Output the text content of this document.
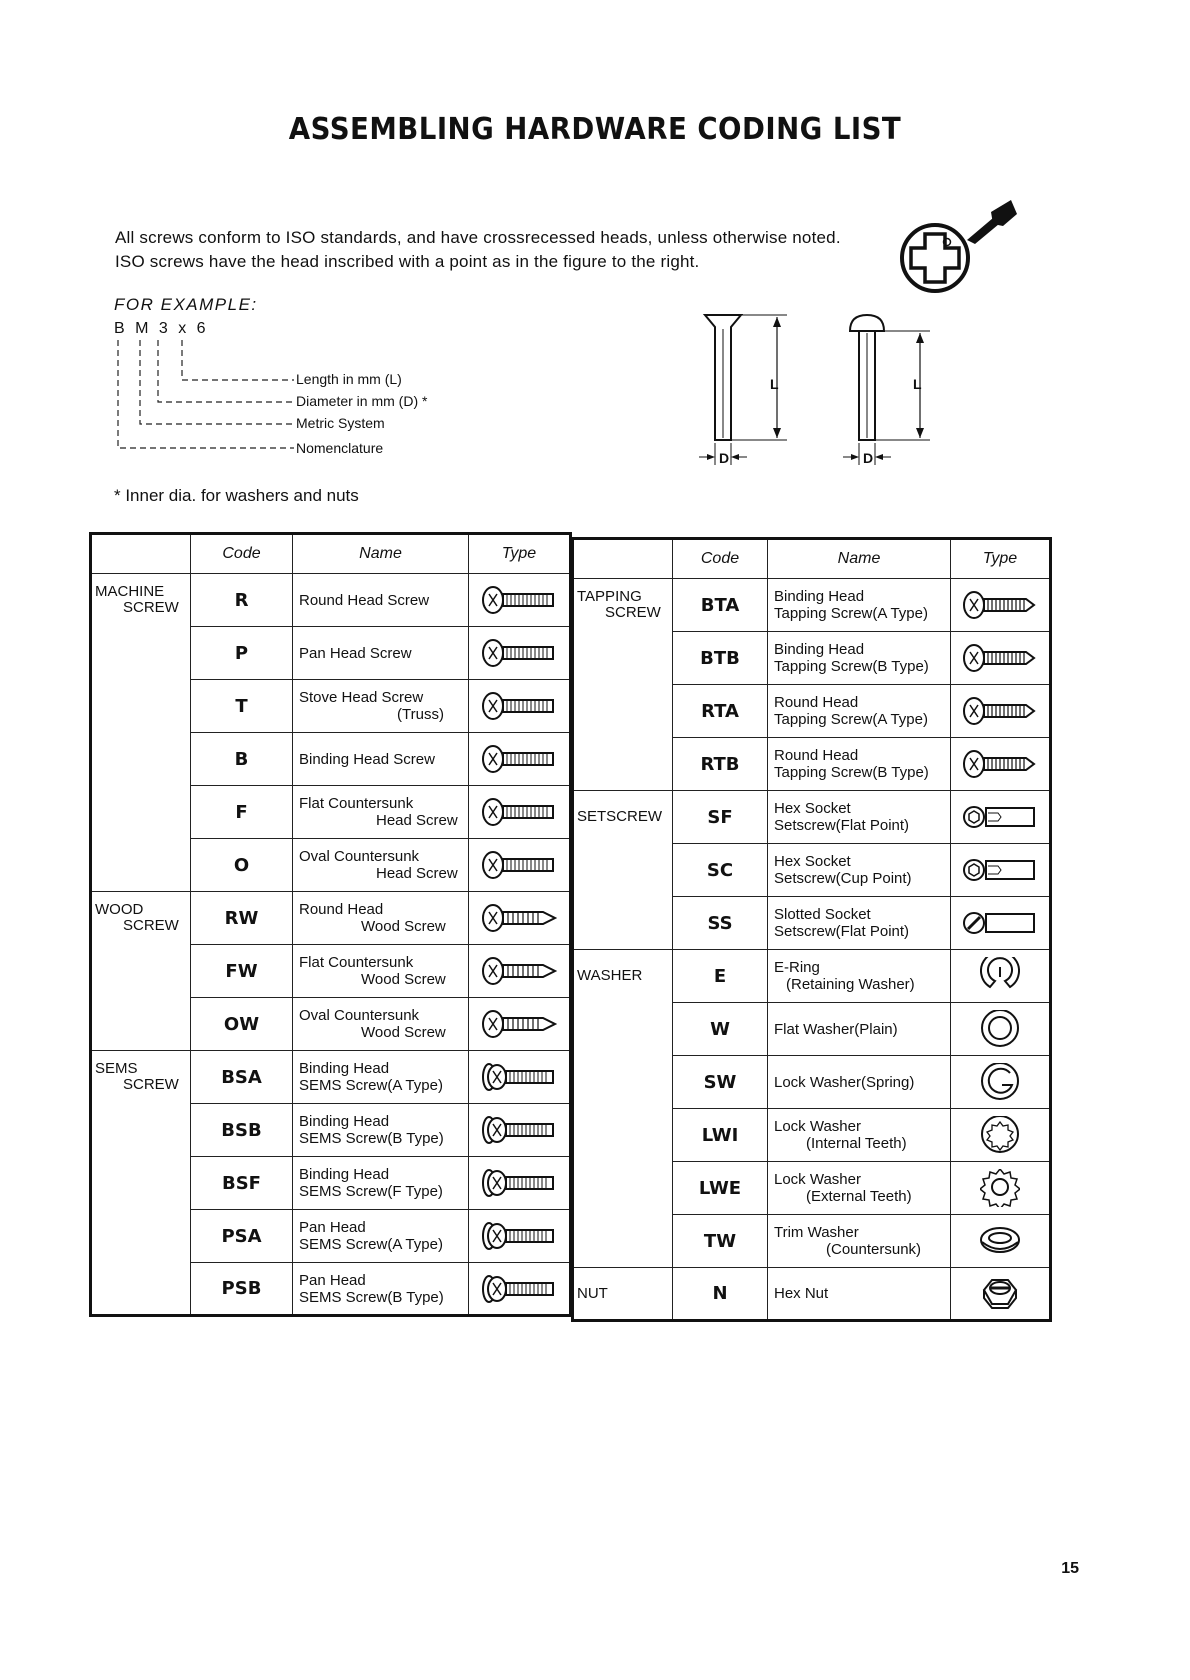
ASSEMBLING HARDWARE CODING LIST
All screws conform to ISO standards, and have crossrecessed heads, unless otherwise noted.
ISO screws have the head inscribed with a point as in the figure to the right.
FOR EXAMPLE:
B M 3 x 6
Length in mm (L)
Diameter in mm (D) *
Metric System
Nomenclature
L	L
D	D
* Inner dia. for washers and nuts
	Code	Name	Type

MACHINE
SCREW	R	Round Head Screw

	P	Pan Head Screw

	T	Stove Head Screw
(Truss)

	B	Binding Head Screw

	F	Flat Countersunk
Head Screw

	O	Oval Countersunk
Head Screw

WOOD
SCREW	RW	Round Head
Wood Screw

	FW	Flat Countersunk
Wood Screw

	OW	Oval Countersunk
Wood Screw

SEMS
SCREW	BSA	Binding Head
SEMS Screw(A Type)

	BSB	Binding Head
SEMS Screw(B Type)

	BSF	Binding Head
SEMS Screw(F Type)

	PSA	Pan Head
SEMS Screw(A Type)

	PSB	Pan Head
SEMS Screw(B Type)

	Code	Name	Type

TAPPING
SCREW	BTA	Binding Head
Tapping Screw(A Type)

	BTB	Binding Head
Tapping Screw(B Type)

	RTA	Round Head
Tapping Screw(A Type)

	RTB	Round Head
Tapping Screw(B Type)

SETSCREW	SF	Hex Socket
Setscrew(Flat Point)

	SC	Hex Socket
Setscrew(Cup Point)

	SS	Slotted Socket
Setscrew(Flat Point)

WASHER	E	E-Ring
(Retaining Washer)

	W	Flat Washer(Plain)

	SW	Lock Washer(Spring)

	LWI	Lock Washer
(Internal Teeth)

	LWE	Lock Washer
(External Teeth)

	TW	Trim Washer
(Countersunk)

NUT	N	Hex Nut

15
